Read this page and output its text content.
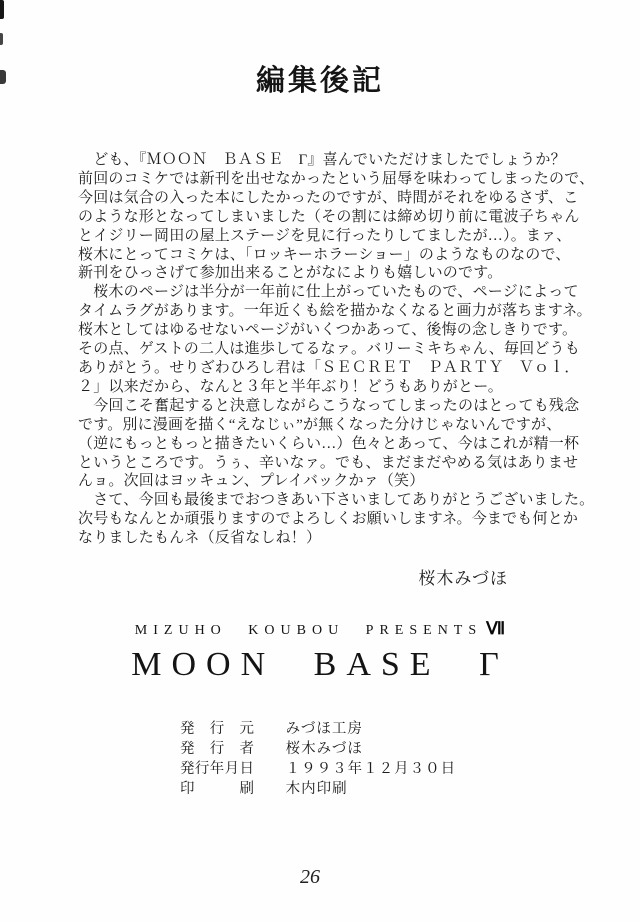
編集後記
　ども、『ＭＯＯＮ　ＢＡＳＥ　Γ』喜んでいただけましたでしょうか？
前回のコミケでは新刊を出せなかったという屈辱を味わってしまったので、
今回は気合の入った本にしたかったのですが、時間がそれをゆるさず、こ
のような形となってしまいました（その割には締め切り前に電波子ちゃん
とイジリー岡田の屋上ステージを見に行ったりしてましたが…）。まァ、
桜木にとってコミケは、「ロッキーホラーショー」のようなものなので、
新刊をひっさげて参加出来ることがなによりも嬉しいのです。
　桜木のページは半分が一年前に仕上がっていたもので、ページによって
タイムラグがあります。一年近くも絵を描かなくなると画力が落ちますネ。
桜木としてはゆるせないページがいくつかあって、後悔の念しきりです。
その点、ゲストの二人は進歩してるなァ。バリーミキちゃん、毎回どうも
ありがとう。せりざわひろし君は「ＳＥＣＲＥＴ　ＰＡＲＴＹ　Ｖｏｌ．
２」以来だから、なんと３年と半年ぶり！どうもありがとー。
　今回こそ奮起すると決意しながらこうなってしまったのはとっても残念
です。別に漫画を描く“えなじぃ”が無くなった分けじゃないんですが、
（逆にもっともっと描きたいくらい…）色々とあって、今はこれが精一杯
というところです。うぅ、辛いなァ。でも、まだまだやめる気はありませ
んョ。次回はヨッキュン、プレイバックかァ（笑）
　さて、今回も最後までおつきあい下さいましてありがとうございました。
次号もなんとか頑張りますのでよろしくお願いしますネ。今までも何とか
なりましたもんネ（反省なしね！）
桜木みづほ
MIZUHO KOUBOU PRESENTS Ⅶ
MOON BASE Γ
発行元 みづほ工房
発行者 桜木みづほ
発行年月日 １９９３年１２月３０日
印刷 木内印刷
26
